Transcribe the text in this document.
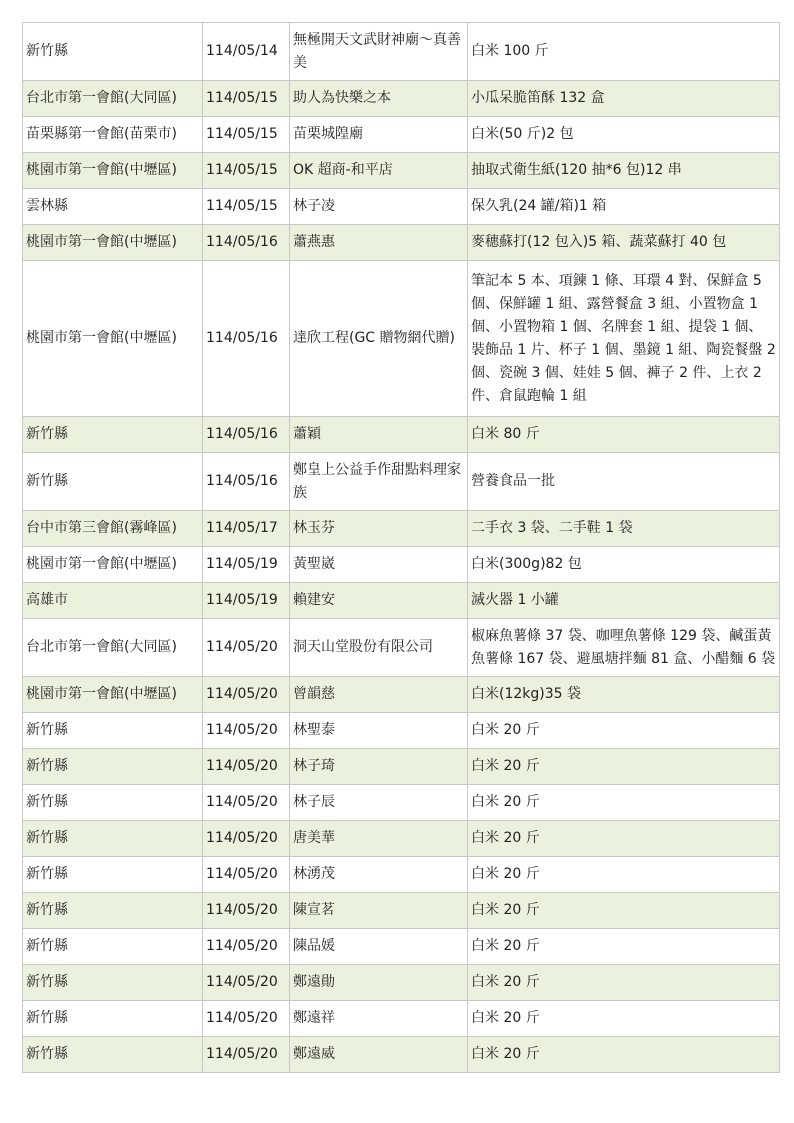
新竹縣	114/05/14	無極開天文武財神廟～真善美	白米 100 斤
台北市第一會館(大同區)	114/05/15	助人為快樂之本	小瓜呆脆笛酥 132 盒
苗栗縣第一會館(苗栗市)	114/05/15	苗栗城隍廟	白米(50 斤)2 包
桃園市第一會館(中壢區)	114/05/15	OK 超商-和平店	抽取式衛生紙(120 抽*6 包)12 串
雲林縣	114/05/15	林子凌	保久乳(24 罐/箱)1 箱
桃園市第一會館(中壢區)	114/05/16	蕭燕惠	麥穗蘇打(12 包入)5 箱、蔬菜蘇打 40 包
桃園市第一會館(中壢區)	114/05/16	達欣工程(GC 贈物網代贈)	筆記本 5 本、項鍊 1 條、耳環 4 對、保鮮盒 5 個、保鮮罐 1 組、露營餐盒 3 組、小置物盒 1 個、小置物箱 1 個、名牌套 1 組、提袋 1 個、裝飾品 1 片、杯子 1 個、墨鏡 1 組、陶瓷餐盤 2 個、瓷碗 3 個、娃娃 5 個、褲子 2 件、上衣 2 件、倉鼠跑輪 1 組
新竹縣	114/05/16	蕭穎	白米 80 斤
新竹縣	114/05/16	鄭皇上公益手作甜點料理家族	營養食品一批
台中市第三會館(霧峰區)	114/05/17	林玉芬	二手衣 3 袋、二手鞋 1 袋
桃園市第一會館(中壢區)	114/05/19	黃聖崴	白米(300g)82 包
高雄市	114/05/19	賴建安	滅火器 1 小罐
台北市第一會館(大同區)	114/05/20	洞天山堂股份有限公司	椒麻魚薯條 37 袋、咖哩魚薯條 129 袋、鹹蛋黃魚薯條 167 袋、避風塘拌麵 81 盒、小醋麵 6 袋
桃園市第一會館(中壢區)	114/05/20	曾韻慈	白米(12kg)35 袋
新竹縣	114/05/20	林聖泰	白米 20 斤
新竹縣	114/05/20	林子琦	白米 20 斤
新竹縣	114/05/20	林子辰	白米 20 斤
新竹縣	114/05/20	唐美華	白米 20 斤
新竹縣	114/05/20	林湧茂	白米 20 斤
新竹縣	114/05/20	陳宣茗	白米 20 斤
新竹縣	114/05/20	陳品媛	白米 20 斤
新竹縣	114/05/20	鄭遠勛	白米 20 斤
新竹縣	114/05/20	鄭遠祥	白米 20 斤
新竹縣	114/05/20	鄭遠威	白米 20 斤
